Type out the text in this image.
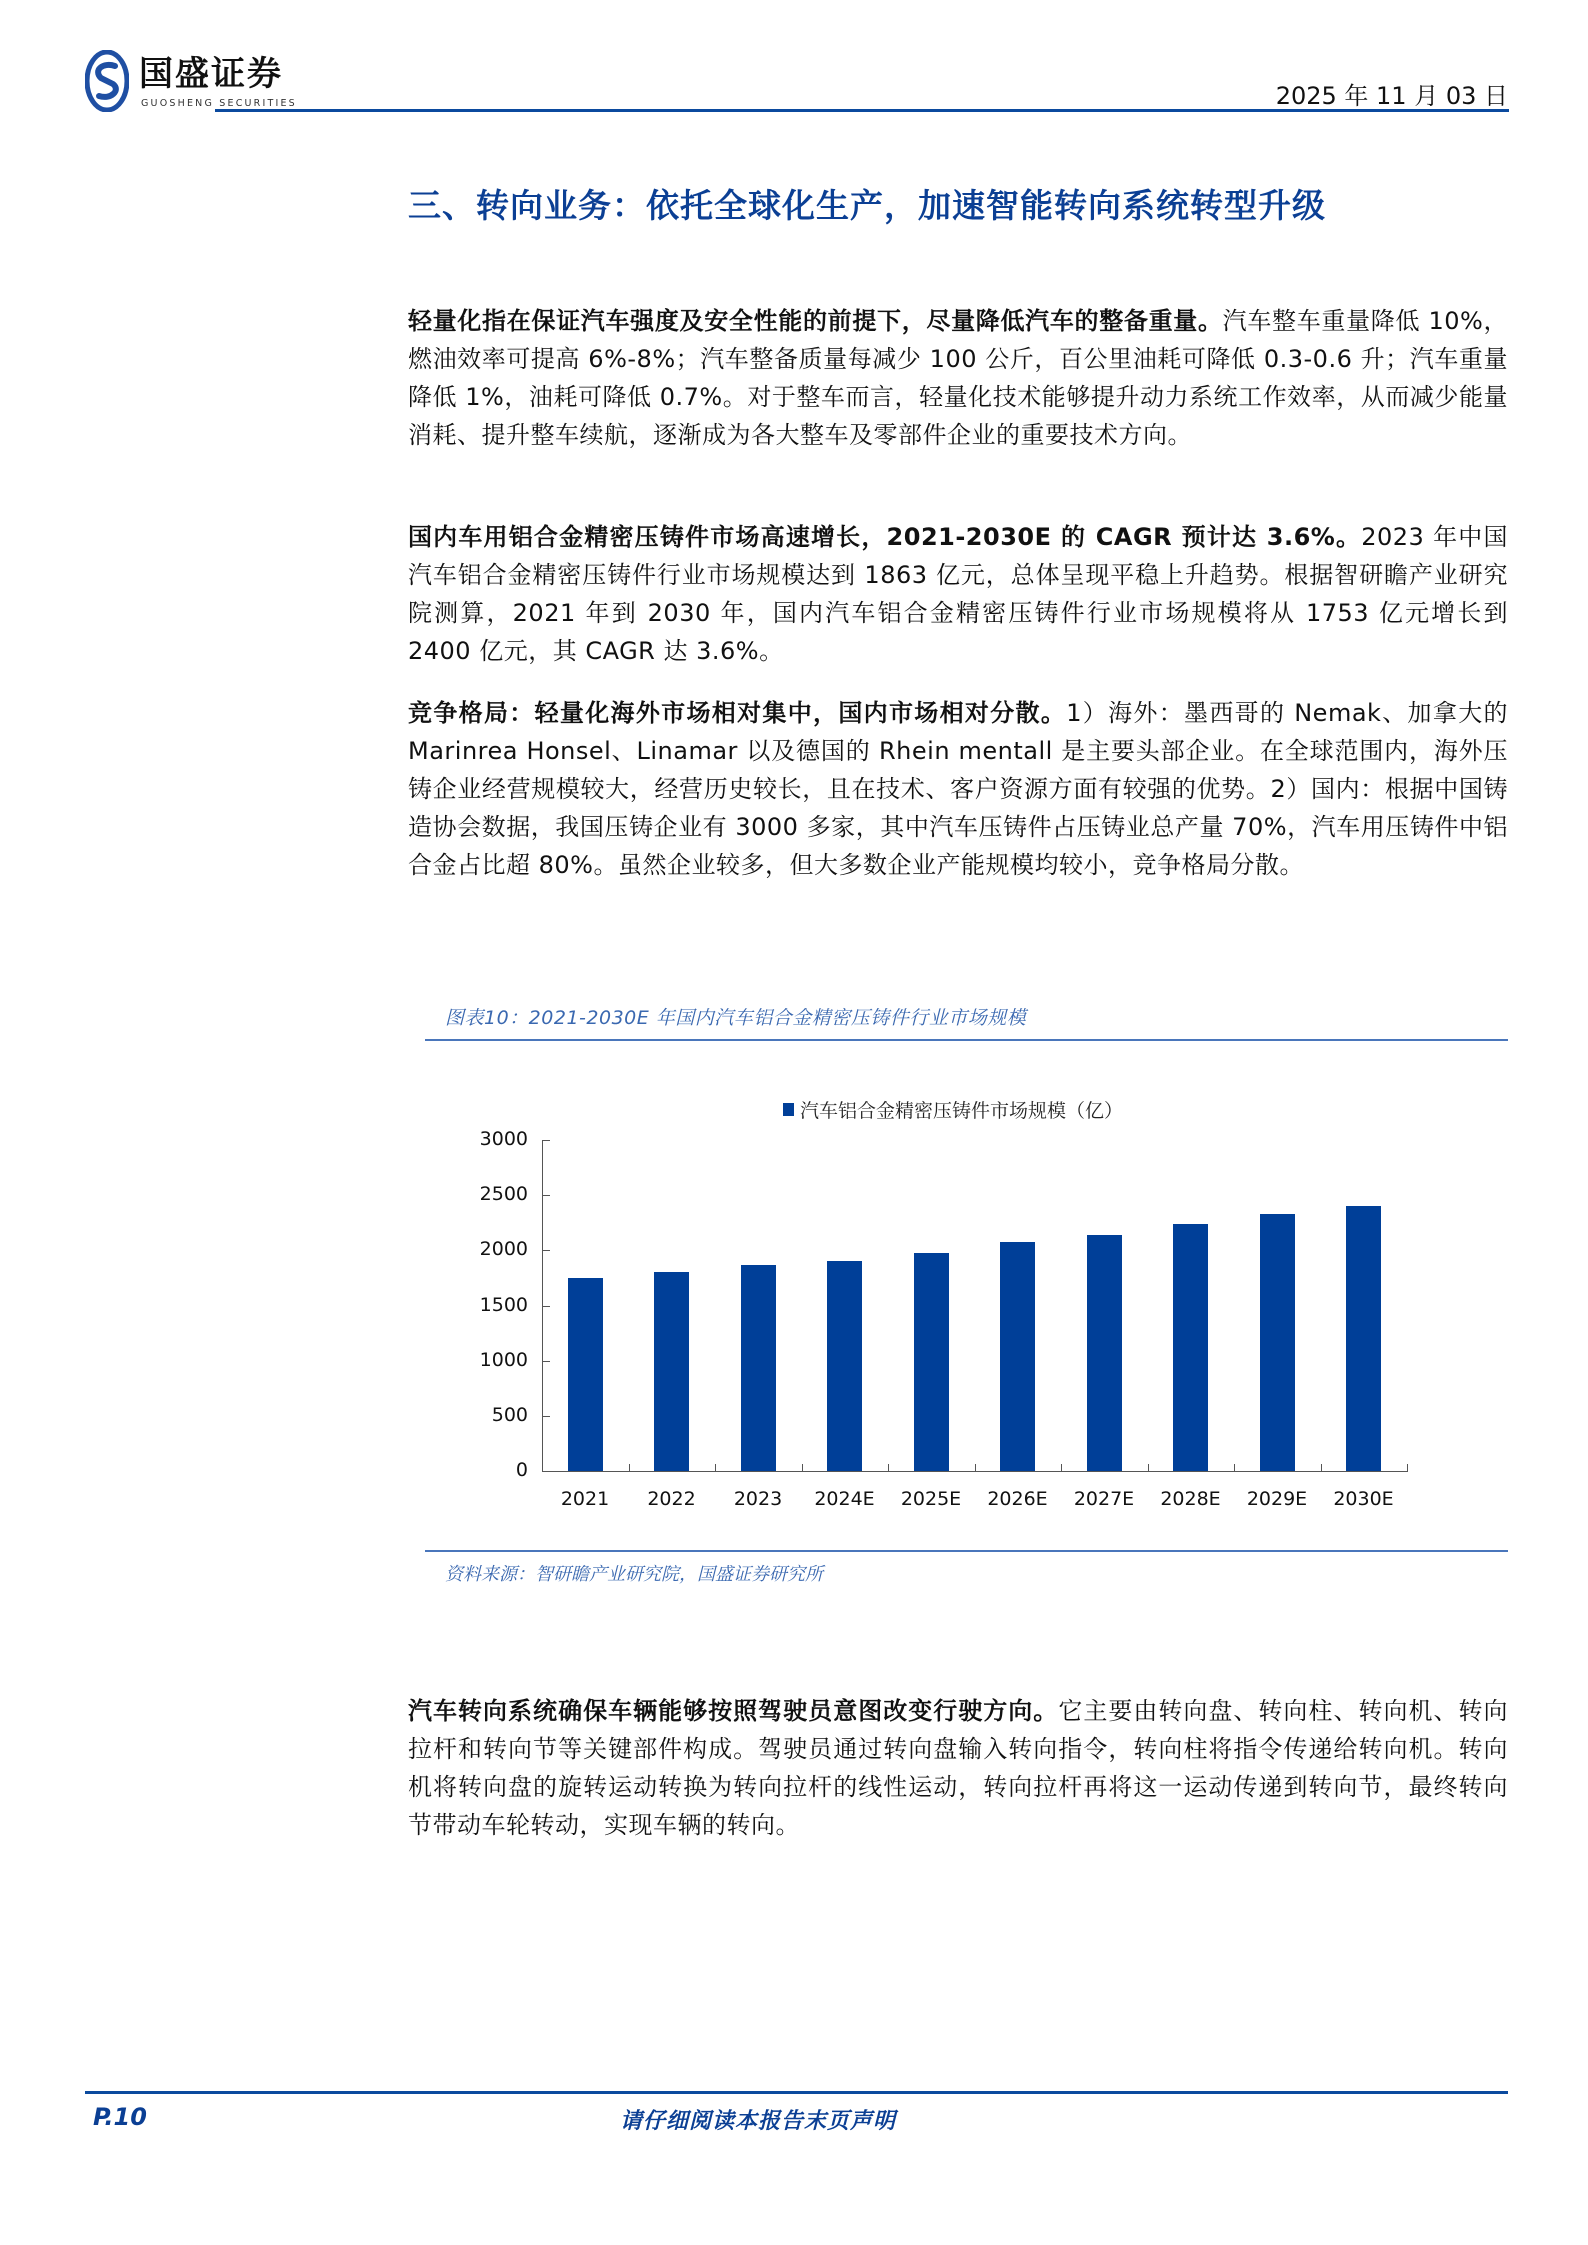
国盛证券
GUOSHENG SECURITIES	2025 年 11 月 03 日
三、转向业务：依托全球化生产，加速智能转向系统转型升级
轻量化指在保证汽车强度及安全性能的前提下，尽量降低汽车的整备重量。汽车整车重量降低 10%，燃油效率可提高 6%-8%；汽车整备质量每减少 100 公斤，百公里油耗可降低 0.3-0.6 升；汽车重量降低 1%，油耗可降低 0.7%。对于整车而言，轻量化技术能够提升动力系统工作效率，从而减少能量消耗、提升整车续航，逐渐成为各大整车及零部件企业的重要技术方向。
国内车用铝合金精密压铸件市场高速增长，2021-2030E 的 CAGR 预计达 3.6%。2023 年中国汽车铝合金精密压铸件行业市场规模达到 1863 亿元，总体呈现平稳上升趋势。根据智研瞻产业研究院测算，2021 年到 2030 年，国内汽车铝合金精密压铸件行业市场规模将从 1753 亿元增长到 2400 亿元，其 CAGR 达 3.6%。
竞争格局：轻量化海外市场相对集中，国内市场相对分散。1）海外：墨西哥的 Nemak、加拿大的 Marinrea Honsel、Linamar 以及德国的 Rhein mentall 是主要头部企业。在全球范围内，海外压铸企业经营规模较大，经营历史较长，且在技术、客户资源方面有较强的优势。2）国内：根据中国铸造协会数据，我国压铸企业有 3000 多家，其中汽车压铸件占压铸业总产量 70%，汽车用压铸件中铝合金占比超 80%。虽然企业较多，但大多数企业产能规模均较小，竞争格局分散。
图表10：2021-2030E 年国内汽车铝合金精密压铸件行业市场规模
汽车铝合金精密压铸件市场规模（亿）
3000
2500
2000
1500
1000
500
0
2021	2022	2023	2024E	2025E	2026E	2027E	2028E	2029E	2030E
资料来源：智研瞻产业研究院，国盛证券研究所
汽车转向系统确保车辆能够按照驾驶员意图改变行驶方向。它主要由转向盘、转向柱、转向机、转向拉杆和转向节等关键部件构成。驾驶员通过转向盘输入转向指令，转向柱将指令传递给转向机。转向机将转向盘的旋转运动转换为转向拉杆的线性运动，转向拉杆再将这一运动传递到转向节，最终转向节带动车轮转动，实现车辆的转向。
P.10	请仔细阅读本报告末页声明
